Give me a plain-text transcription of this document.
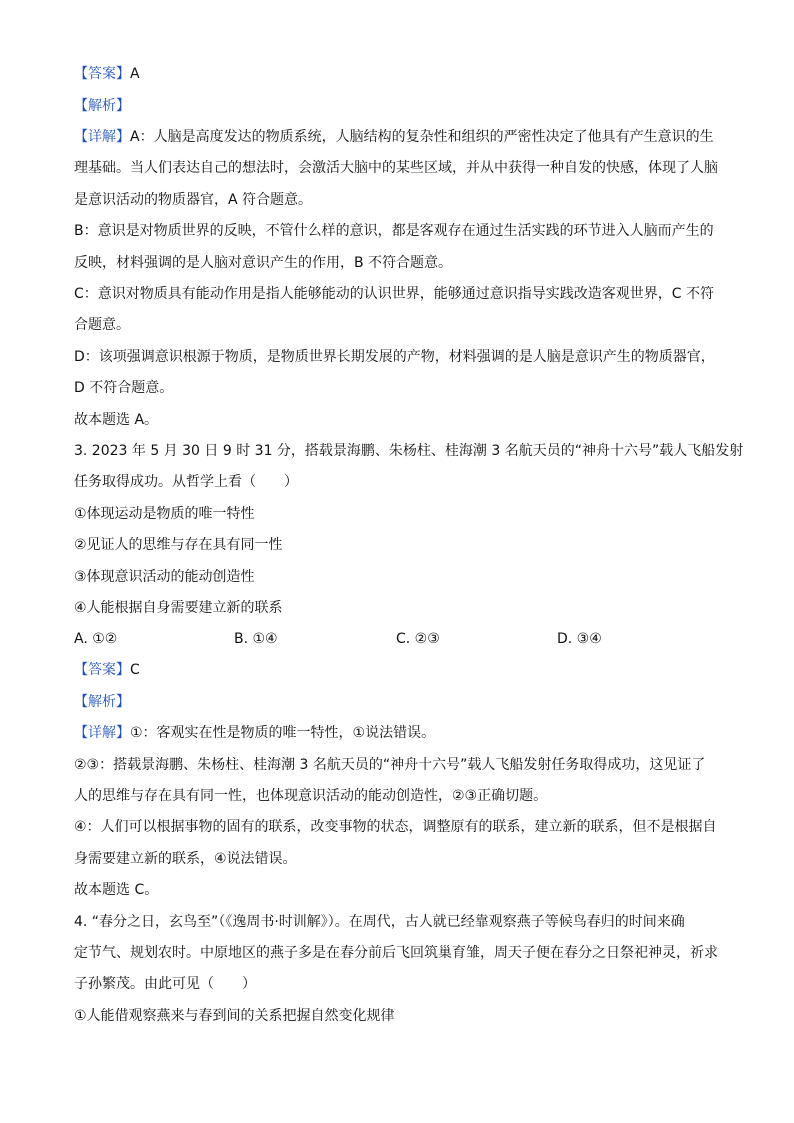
【答案】A
【解析】
【详解】A：人脑是高度发达的物质系统，人脑结构的复杂性和组织的严密性决定了他具有产生意识的生
理基础。当人们表达自己的想法时，会激活大脑中的某些区域，并从中获得一种自发的快感，体现了人脑
是意识活动的物质器官，A 符合题意。
B：意识是对物质世界的反映，不管什么样的意识，都是客观存在通过生活实践的环节进入人脑而产生的
反映，材料强调的是人脑对意识产生的作用，B 不符合题意。
C：意识对物质具有能动作用是指人能够能动的认识世界，能够通过意识指导实践改造客观世界，C 不符
合题意。
D：该项强调意识根源于物质，是物质世界长期发展的产物，材料强调的是人脑是意识产生的物质器官，
D 不符合题意。
故本题选 A。
3. 2023 年 5 月 30 日 9 时 31 分，搭载景海鹏、朱杨柱、桂海潮 3 名航天员的“神舟十六号”载人飞船发射
任务取得成功。从哲学上看（　　）
①体现运动是物质的唯一特性
②见证人的思维与存在具有同一性
③体现意识活动的能动创造性
④人能根据自身需要建立新的联系
A. ①②	B. ①④	C. ②③	D. ③④
【答案】C
【解析】
【详解】①：客观实在性是物质的唯一特性，①说法错误。
②③：搭载景海鹏、朱杨柱、桂海潮 3 名航天员的“神舟十六号”载人飞船发射任务取得成功，这见证了
人的思维与存在具有同一性，也体现意识活动的能动创造性，②③正确切题。
④：人们可以根据事物的固有的联系，改变事物的状态，调整原有的联系，建立新的联系，但不是根据自
身需要建立新的联系，④说法错误。
故本题选 C。
4. “春分之日，玄鸟至”（《逸周书·时训解》）。在周代，古人就已经靠观察燕子等候鸟春归的时间来确
定节气、规划农时。中原地区的燕子多是在春分前后飞回筑巢育雏，周天子便在春分之日祭祀神灵，祈求
子孙繁茂。由此可见（　　）
①人能借观察燕来与春到间的关系把握自然变化规律
